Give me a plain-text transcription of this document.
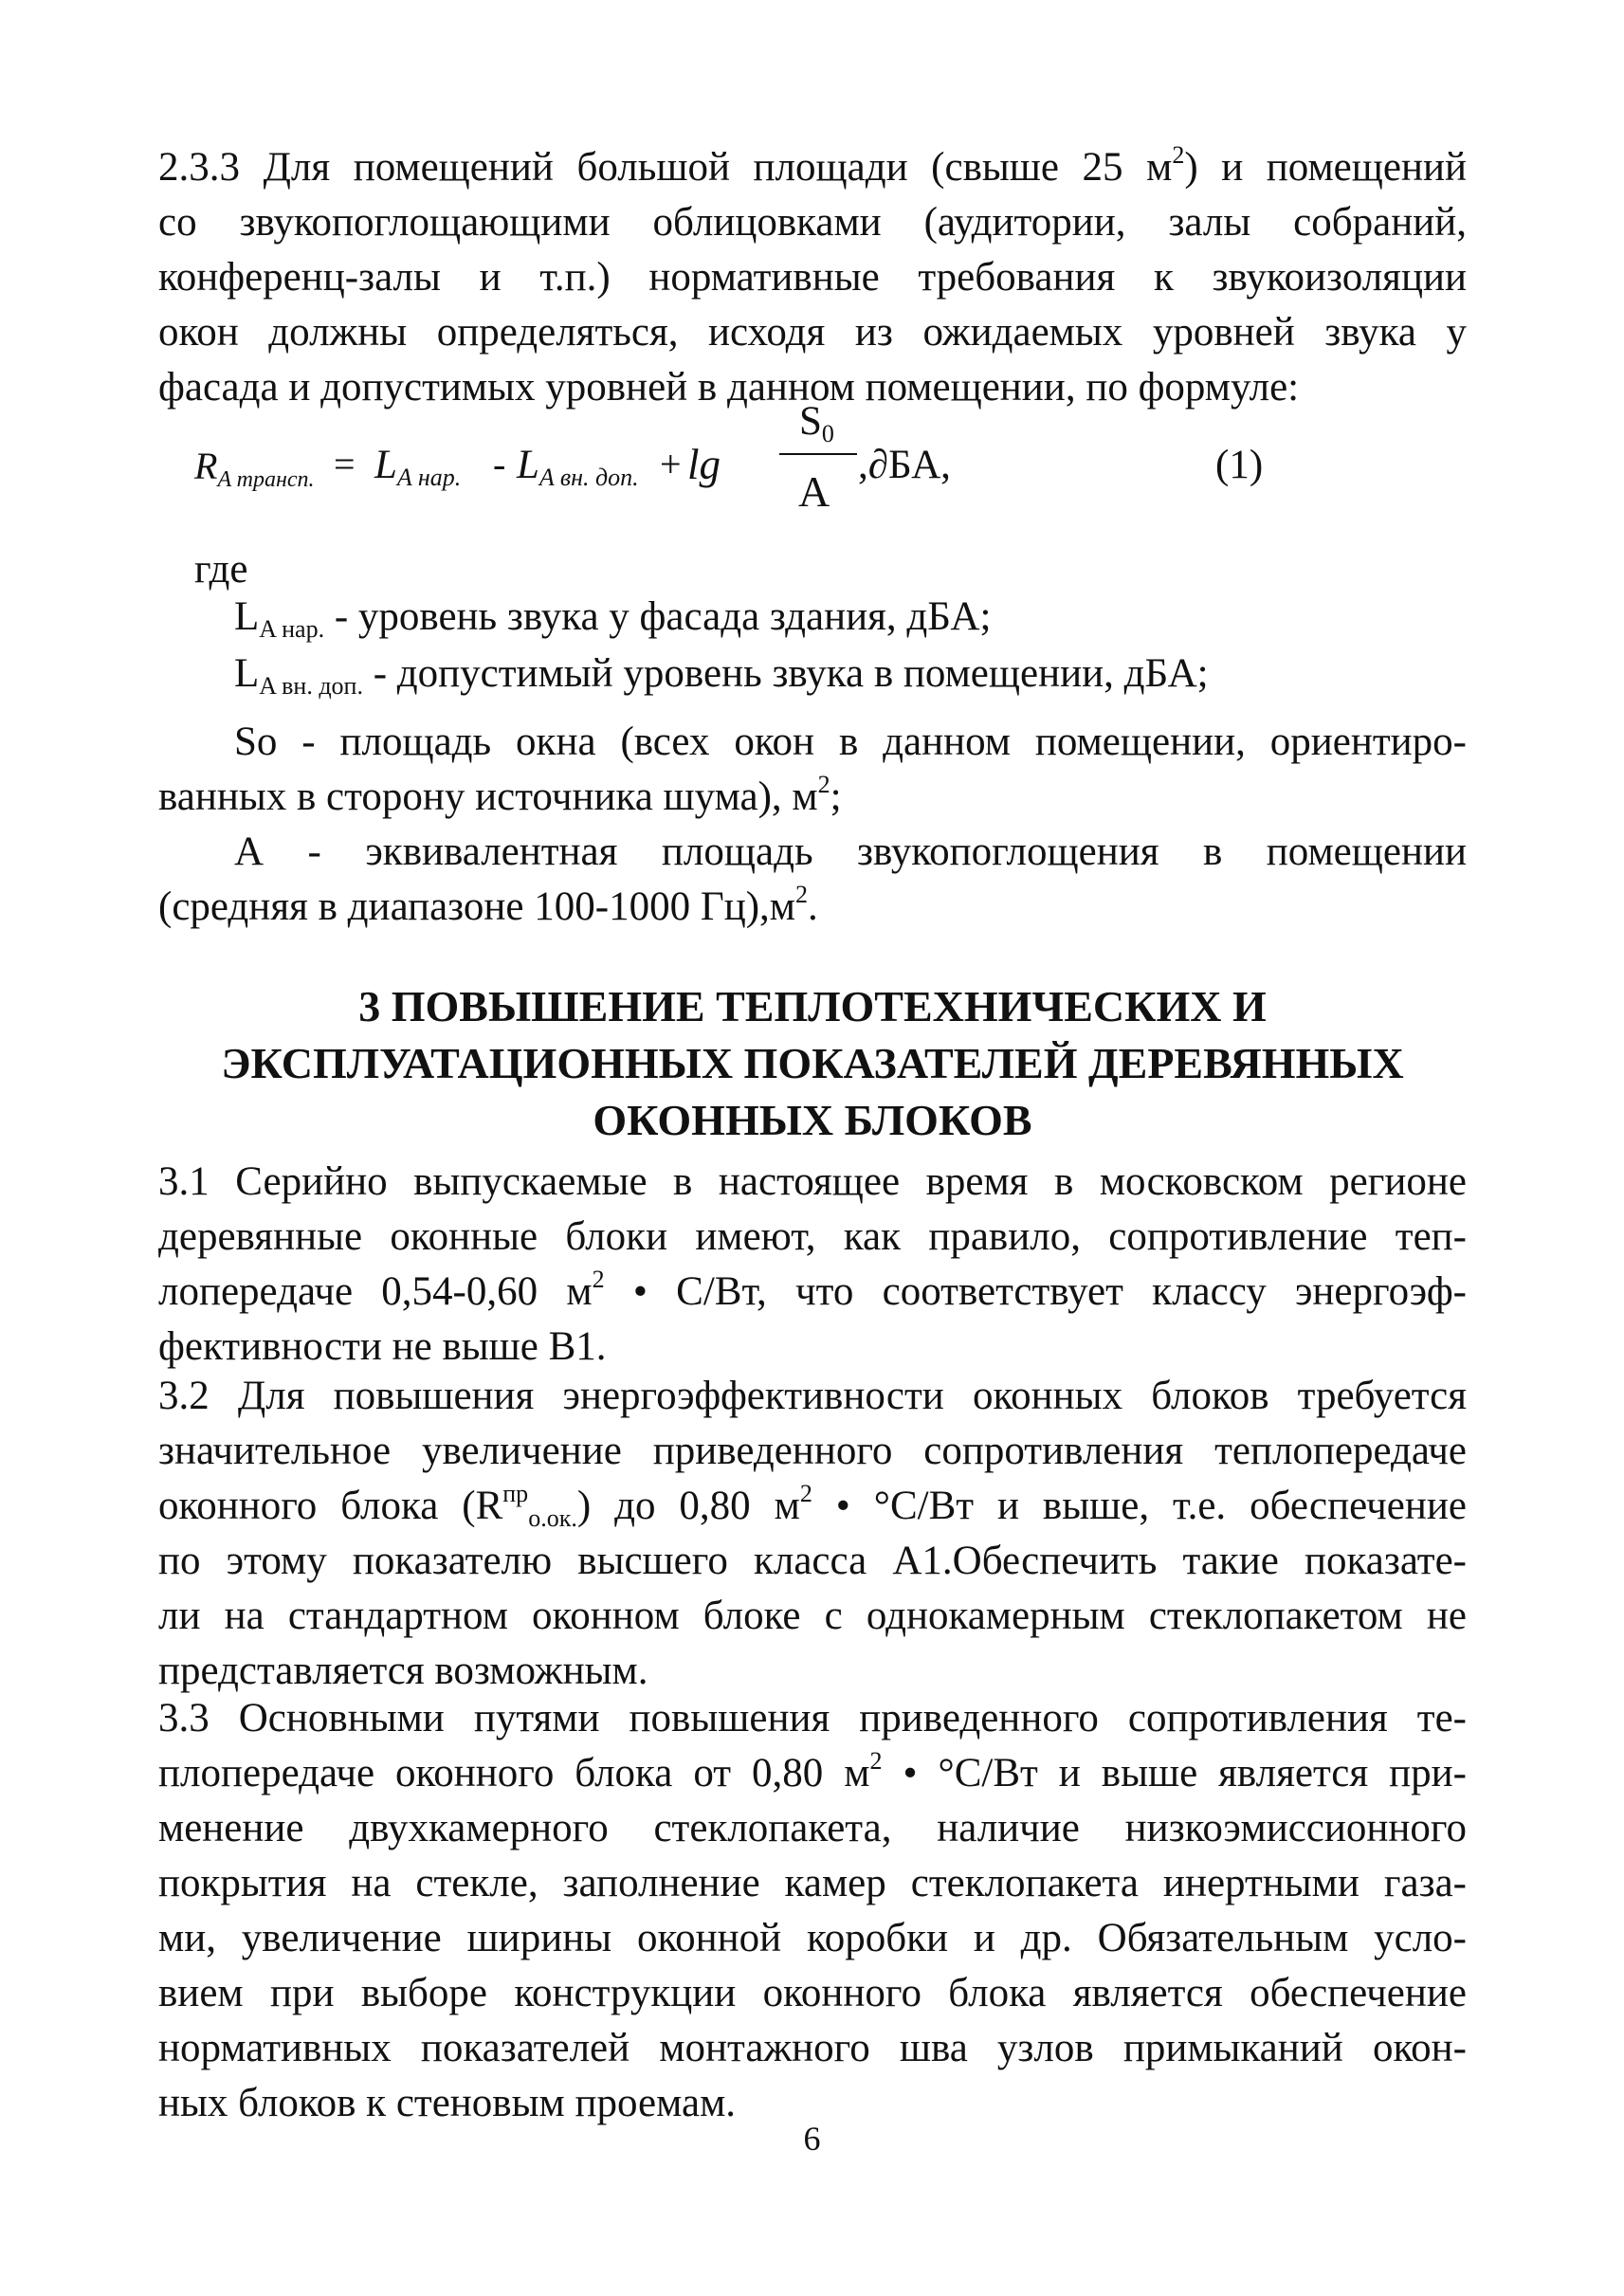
2.3.3 Для помещений большой площади (свыше 25 $м^2$) и помещений
со звукопоглощающими облицовками (аудитории, залы собраний,
конференц-залы и т.п.) нормативные требования к звукоизоляции
окон должны определяться, исходя из ожидаемых уровней звука у
фасада и допустимых уровней в данном помещении, по формуле:
$R_{A трансп.} = L_{A нар.} - L_{A вн. доп.} + \lg$
$S_0$
A
,∂БА,	(1)
где
$L_{A нар.}$ - уровень звука у фасада здания, дБА;
$L_{A вн. доп.}$ - допустимый уровень звука в помещении, дБА;
So - площадь окна (всех окон в данном помещении, ориентиро-
ванных в сторону источника шума), $м^2$;
А - эквивалентная площадь звукопоглощения в помещении
(средняя в диапазоне 100-1000 $Гц),м^2$.
3 ПОВЫШЕНИЕ ТЕПЛОТЕХНИЧЕСКИХ И
ЭКСПЛУАТАЦИОННЫХ ПОКАЗАТЕЛЕЙ ДЕРЕВЯННЫХ
ОКОННЫХ БЛОКОВ
3.1 Серийно выпускаемые в настоящее время в московском регионе
деревянные оконные блоки имеют, как правило, сопротивление теп-
лопередаче 0,54-0,60 $м^2$ • С/Вт, что соответствует классу энергоэф-
фективности не выше В1.
3.2 Для повышения энергоэффективности оконных блоков требуется
значительное увеличение приведенного сопротивления теплопередаче
оконного блока $(R^{пр}_{о.ок.})$ до 0,80 $м^2$ • °С/Вт и выше, т.е. обеспечение
по этому показателю высшего класса А1.Обеспечить такие показате-
ли на стандартном оконном блоке с однокамерным стеклопакетом не
представляется возможным.
3.3 Основными путями повышения приведенного сопротивления те-
плопередаче оконного блока от 0,80 $м^2$ • °С/Вт и выше является при-
менение двухкамерного стеклопакета, наличие низкоэмиссионного
покрытия на стекле, заполнение камер стеклопакета инертными газа-
ми, увеличение ширины оконной коробки и др. Обязательным усло-
вием при выборе конструкции оконного блока является обеспечение
нормативных показателей монтажного шва узлов примыканий окон-
ных блоков к стеновым проемам.
6
